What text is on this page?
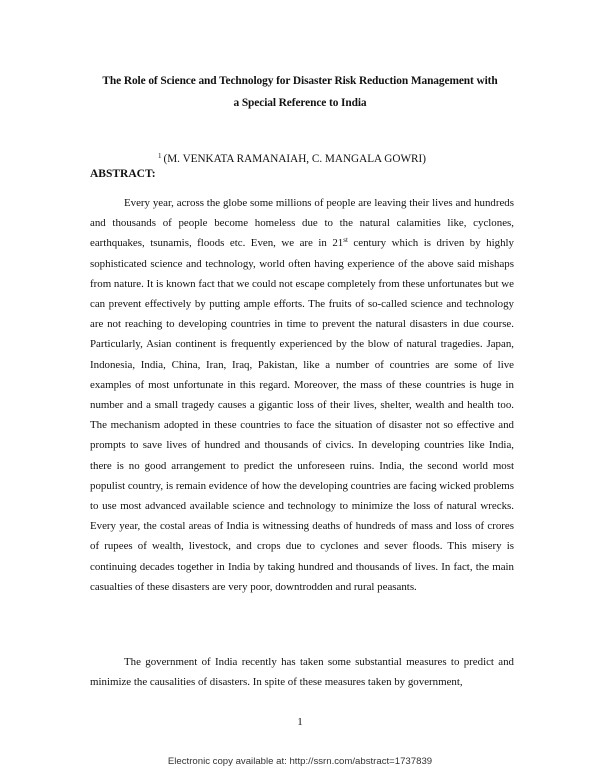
The Role of Science and Technology for Disaster Risk Reduction Management with
a Special Reference to India
$^1$ (M. VENKATA RAMANAIAH, C. MANGALA GOWRI)
ABSTRACT:

Every year, across the globe some millions of people are leaving their lives and hundreds and thousands of people become homeless due to the natural calamities like, cyclones, earthquakes, tsunamis, floods etc. Even, we are in 21st century which is driven by highly sophisticated science and technology, world often having experience of the above said mishaps from nature. It is known fact that we could not escape completely from these unfortunates but we can prevent effectively by putting ample efforts. The fruits of so-called science and technology are not reaching to developing countries in time to prevent the natural disasters in due course. Particularly, Asian continent is frequently experienced by the blow of natural tragedies. Japan, Indonesia, India, China, Iran, Iraq, Pakistan, like a number of countries are some of live examples of most unfortunate in this regard. Moreover, the mass of these countries is huge in number and a small tragedy causes a gigantic loss of their lives, shelter, wealth and health too. The mechanism adopted in these countries to face the situation of disaster not so effective and prompts to save lives of hundred and thousands of civics. In developing countries like India, there is no good arrangement to predict the unforeseen ruins. India, the second world most populist country, is remain evidence of how the developing countries are facing wicked problems to use most advanced available science and technology to minimize the loss of natural wrecks. Every year, the costal areas of India is witnessing deaths of hundreds of mass and loss of crores of rupees of wealth, livestock, and crops due to cyclones and sever floods. This misery is continuing decades together in India by taking hundred and thousands of lives. In fact, the main casualties of these disasters are very poor, downtrodden and rural peasants.

The government of India recently has taken some substantial measures to predict and minimize the causalities of disasters. In spite of these measures taken by government,

1
Electronic copy available at: http://ssrn.com/abstract=1737839
